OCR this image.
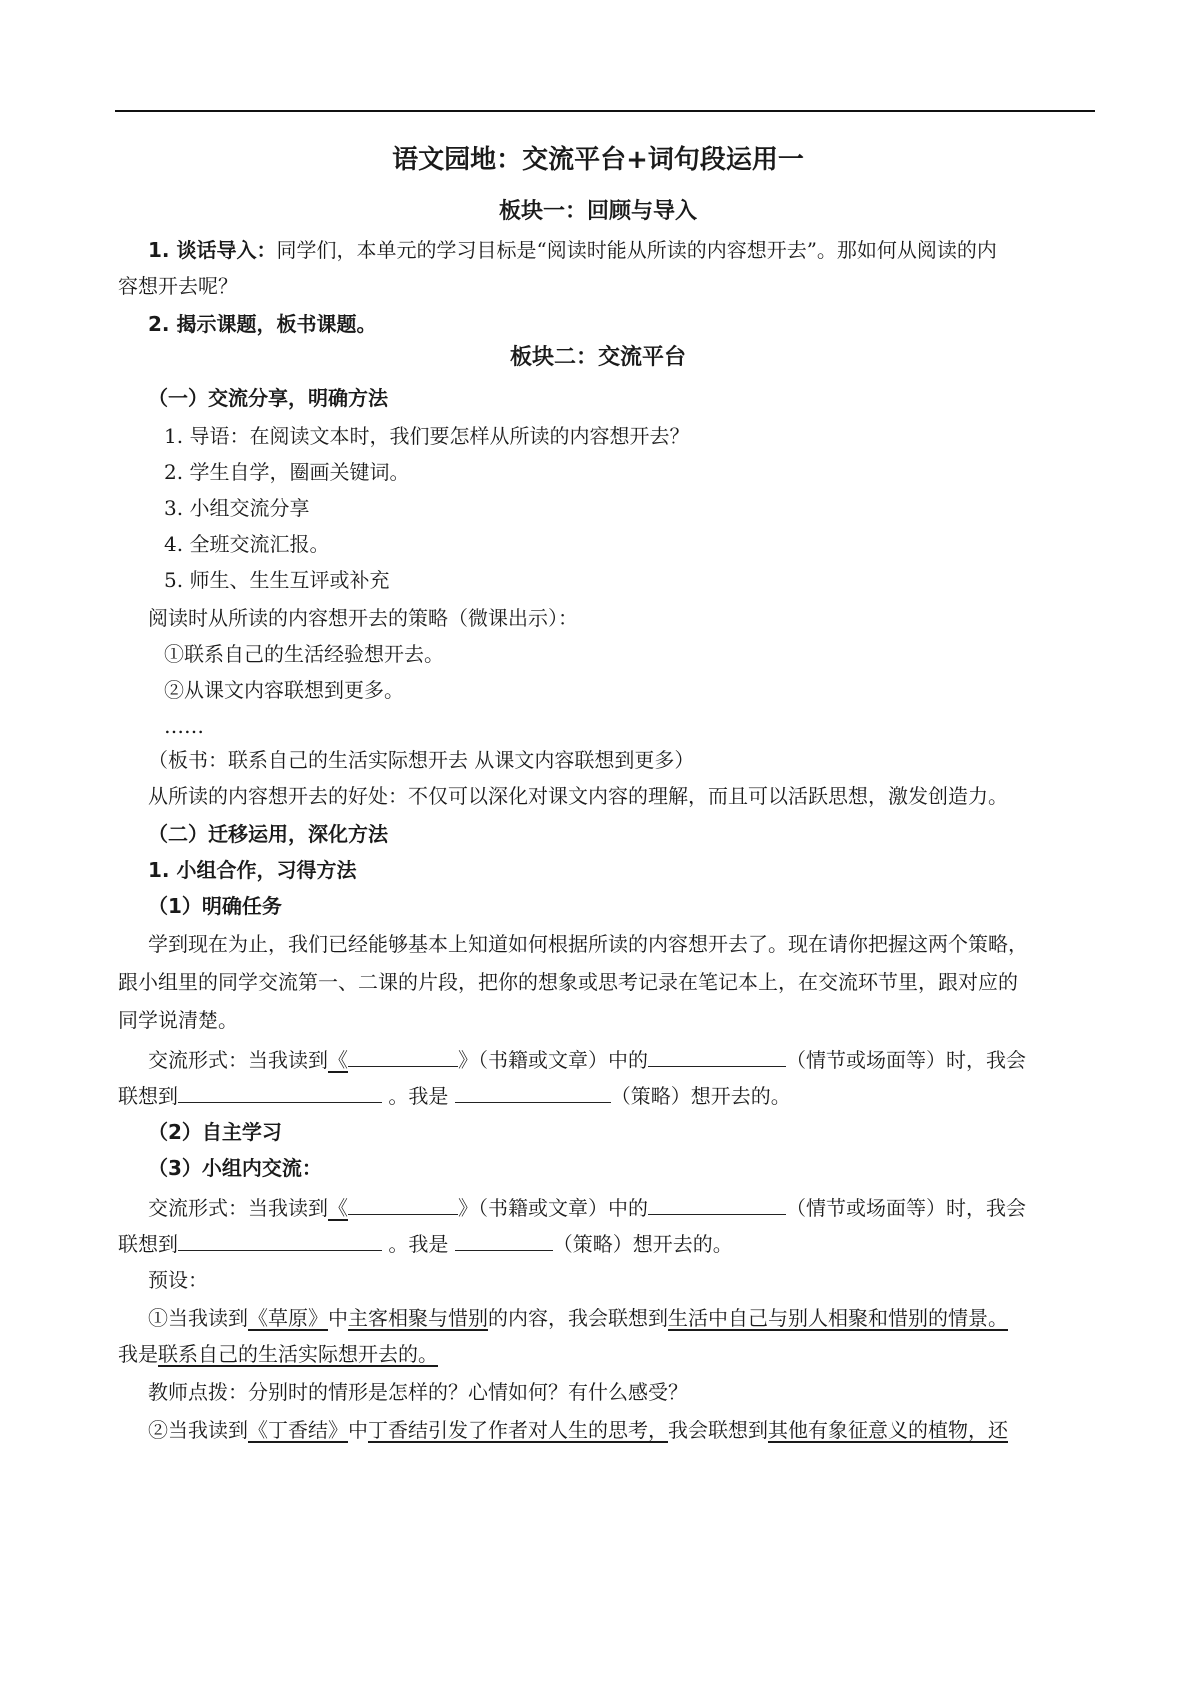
语文园地：交流平台+词句段运用一
板块一：回顾与导入
1. 谈话导入：同学们，本单元的学习目标是“阅读时能从所读的内容想开去”。那如何从阅读的内
容想开去呢？
2. 揭示课题，板书课题。
板块二：交流平台
（一）交流分享，明确方法
1. 导语：在阅读文本时，我们要怎样从所读的内容想开去？
2. 学生自学，圈画关键词。
3. 小组交流分享
4. 全班交流汇报。
5. 师生、生生互评或补充
阅读时从所读的内容想开去的策略（微课出示）：
①联系自己的生活经验想开去。
②从课文内容联想到更多。
……
（板书：联系自己的生活实际想开去 从课文内容联想到更多）
从所读的内容想开去的好处：不仅可以深化对课文内容的理解，而且可以活跃思想，激发创造力。
（二）迁移运用，深化方法
1. 小组合作，习得方法
（1）明确任务
学到现在为止，我们已经能够基本上知道如何根据所读的内容想开去了。现在请你把握这两个策略，
跟小组里的同学交流第一、二课的片段，把你的想象或思考记录在笔记本上，在交流环节里，跟对应的
同学说清楚。
交流形式：当我读到《	》（书籍或文章）中的	（情节或场面等）时，我会
联想到	。我是	（策略）想开去的。
（2）自主学习
（3）小组内交流：
交流形式：当我读到《	》（书籍或文章）中的	（情节或场面等）时，我会
联想到	。我是	（策略）想开去的。
预设：
①当我读到《草原》中主客相聚与惜别的内容，我会联想到生活中自己与别人相聚和惜别的情景。
我是联系自己的生活实际想开去的。
教师点拨：分别时的情形是怎样的？心情如何？有什么感受？
②当我读到《丁香结》中丁香结引发了作者对人生的思考，我会联想到其他有象征意义的植物，还
